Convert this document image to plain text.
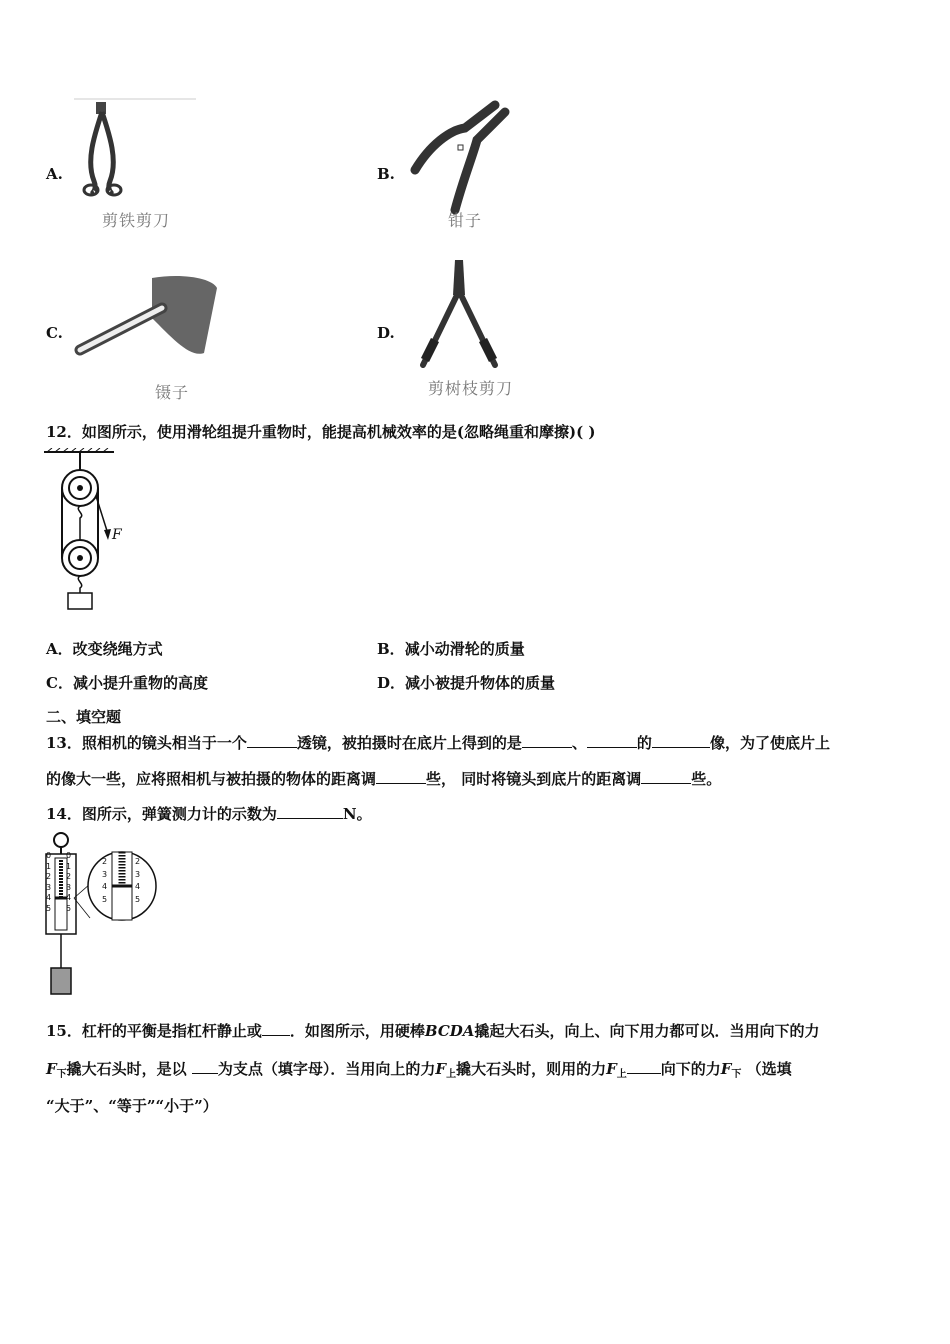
A.
剪铁剪刀
B.
钳子
C.
镊子
D.
剪树枝剪刀
12．如图所示，使用滑轮组提升重物时，能提高机械效率的是(忽略绳重和摩擦)( )
F
A．改变绕绳方式	B．减小动滑轮的质量
C．减小提升重物的高度	D．减小被提升物体的质量
二、填空题
13．照相机的镜头相当于一个	透镜，被拍摄时在底片上得到的是	、	的	像，为了使底片上
的像大一些，应将照相机与被拍摄的物体的距离调	些， 同时将镜头到底片的距离调	些。
14．图所示，弹簧测力计的示数为	N。
0
1
2
3
4
5
0
1
2
3
4
5
2
3
4
5
2
3
4
5
15．杠杆的平衡是指杠杆静止或 ．如图所示，用硬棒BCDA撬起大石头，向上、向下用力都可以．当用向下的力
$F_下$撬大石头时，是以 为支点（填字母）．当用向上的力$F_上$撬大石头时，则用的力$F_上$ 向下的力$F_下$ （选填
“大于”、“等于”“小于”）
